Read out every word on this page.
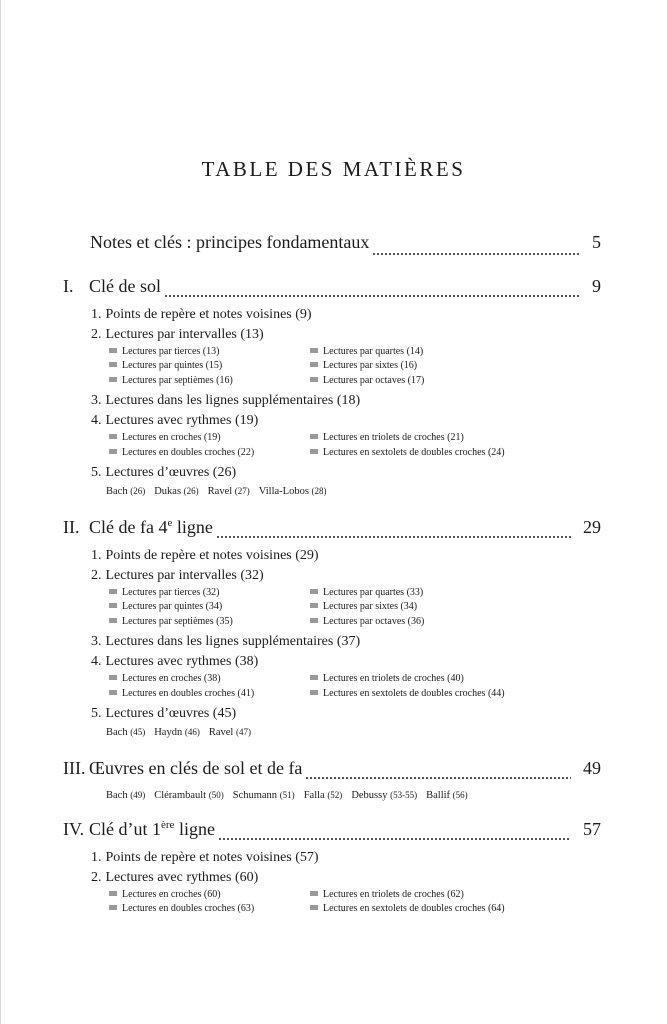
TABLE DES MATIÈRES
Notes et clés : principes fondamentaux	5
I. Clé de sol	9
1. Points de repère et notes voisines (9)
2. Lectures par intervalles (13)
Lectures par tierces (13)	Lectures par quartes (14)
Lectures par quintes (15)	Lectures par sixtes (16)
Lectures par septièmes (16)	Lectures par octaves (17)
3. Lectures dans les lignes supplémentaires (18)
4. Lectures avec rythmes (19)
Lectures en croches (19)	Lectures en triolets de croches (21)
Lectures en doubles croches (22)	Lectures en sextolets de doubles croches (24)
5. Lectures d’œuvres (26)
Bach (26) Dukas (26) Ravel (27) Villa-Lobos (28)
II. Clé de fa 4e ligne	29
1. Points de repère et notes voisines (29)
2. Lectures par intervalles (32)
Lectures par tierces (32)	Lectures par quartes (33)
Lectures par quintes (34)	Lectures par sixtes (34)
Lectures par septièmes (35)	Lectures par octaves (36)
3. Lectures dans les lignes supplémentaires (37)
4. Lectures avec rythmes (38)
Lectures en croches (38)	Lectures en triolets de croches (40)
Lectures en doubles croches (41)	Lectures en sextolets de doubles croches (44)
5. Lectures d’œuvres (45)
Bach (45) Haydn (46) Ravel (47)
III. Œuvres en clés de sol et de fa	49
Bach (49) Clérambault (50) Schumann (51) Falla (52) Debussy (53-55) Ballif (56)
IV. Clé d’ut 1ère ligne	57
1. Points de repère et notes voisines (57)
2. Lectures avec rythmes (60)
Lectures en croches (60)	Lectures en triolets de croches (62)
Lectures en doubles croches (63)	Lectures en sextolets de doubles croches (64)
